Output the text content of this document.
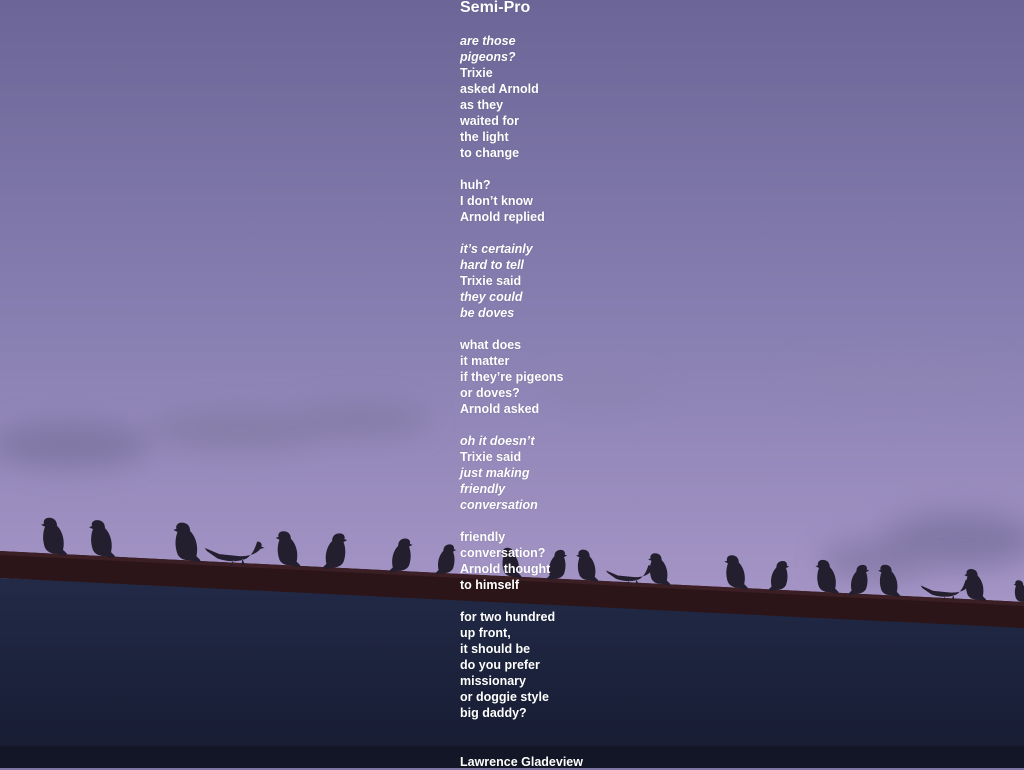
Semi-Pro
are those
pigeons?
Trixie
asked Arnold
as they
waited for
the light
to change
huh?
I don’t know
Arnold replied
it’s certainly
hard to tell
Trixie said
they could
be doves
what does
it matter
if they’re pigeons
or doves?
Arnold asked
oh it doesn’t
Trixie said
just making
friendly
conversation
friendly
conversation?
Arnold thought
to himself
for two hundred
up front,
it should be
do you prefer
missionary
or doggie style
big daddy?
Lawrence Gladeview
